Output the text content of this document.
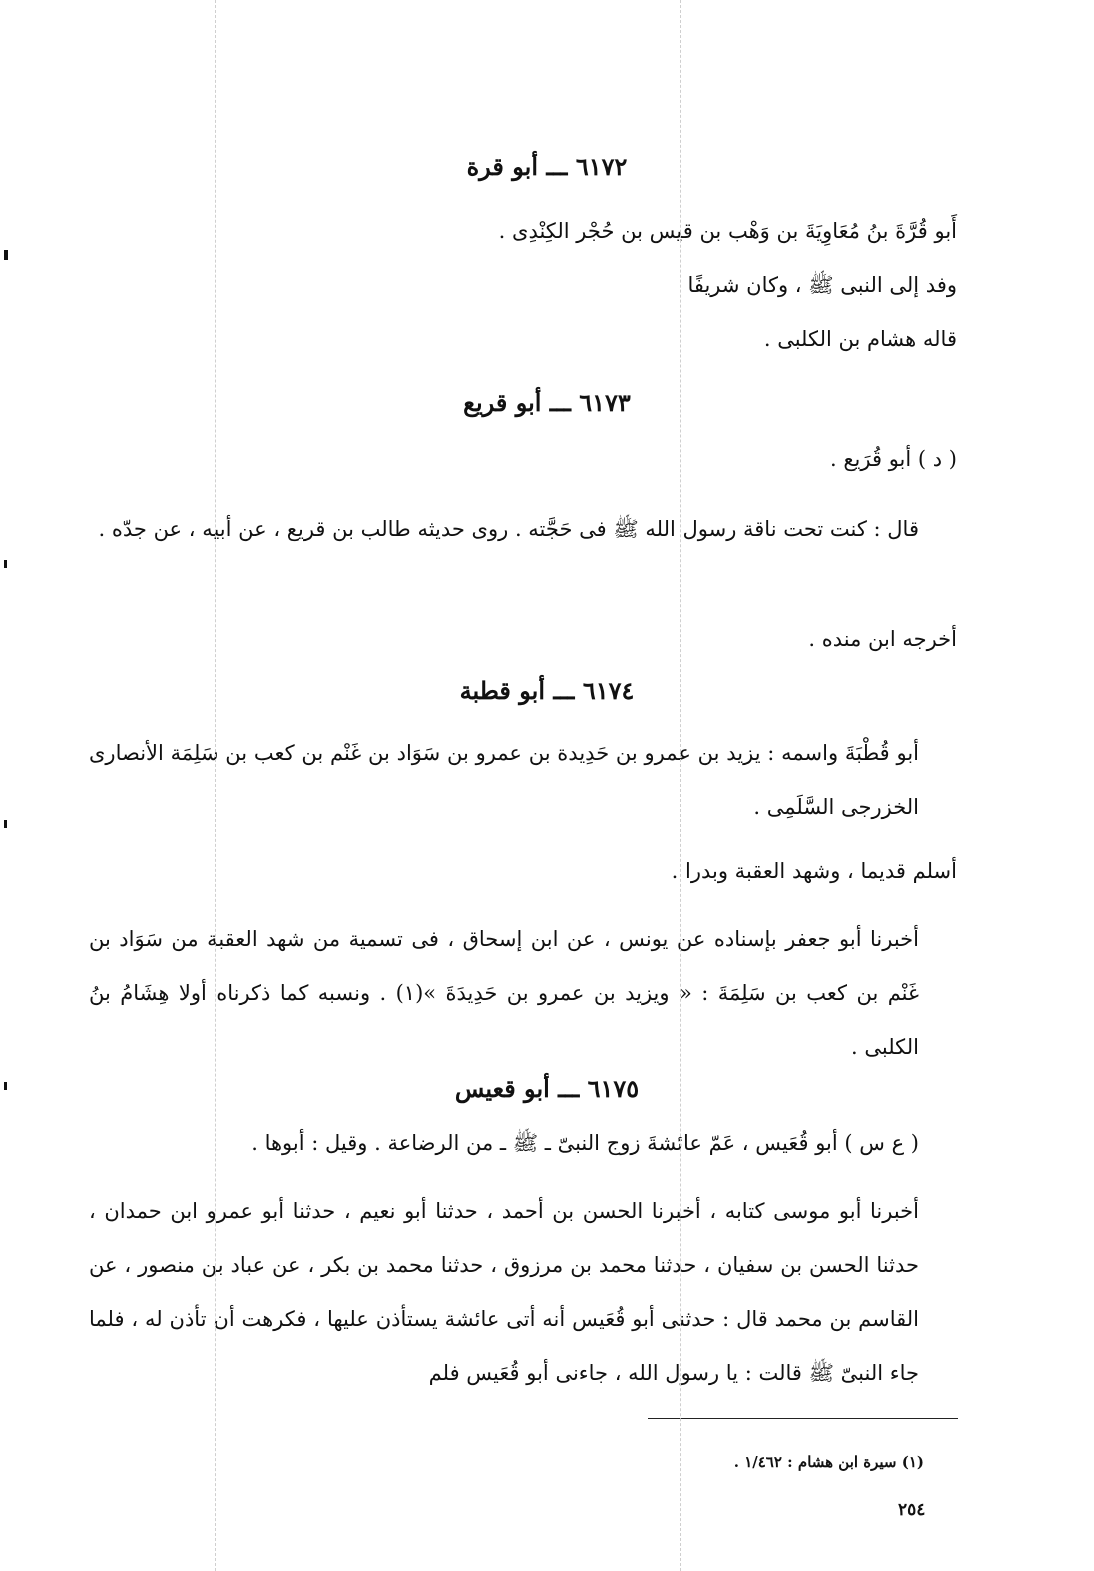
٦١٧٢ ـــ أبو قرة
أَبو قُرَّةَ بنُ مُعَاوِيَةَ بن وَهْب بن قيس بن حُجْر الكِنْدِى .
وفد إلى النبى ﷺ ، وكان شريفًا
قاله هشام بن الكلبى .
٦١٧٣ ـــ أبو قريع
( د ) أبو قُرَيع .
قال : كنت تحت ناقة رسول الله ﷺ فى حَجَّته . روى حديثه طالب بن قريع ، عن أبيه ، عن جدّه .
أخرجه ابن منده .
٦١٧٤ ـــ أبو قطبة
أبو قُطْبَةَ واسمه : يزيد بن عمرو بن حَدِيدة بن عمرو بن سَوَاد بن غَنْم بن كعب بن سَلِمَة الأنصارى الخزرجى السَّلَمِى .
أسلم قديما ، وشهد العقبة وبدرا .
أخبرنا أبو جعفر بإسناده عن يونس ، عن ابن إسحاق ، فى تسمية من شهد العقبة من سَوَاد بن غَنْم بن كعب بن سَلِمَةَ : « ويزيد بن عمرو بن حَدِيدَةَ »(١) . ونسبه كما ذكرناه أولا هِشَامُ بنُ الكلبى .
٦١٧٥ ـــ أبو قعيس
( ع س ) أبو قُعَيس ، عَمّ عائشةَ زوج النبىّ ـ ﷺ ـ من الرضاعة . وقيل : أبوها .
أخبرنا أبو موسى كتابه ، أخبرنا الحسن بن أحمد ، حدثنا أبو نعيم ، حدثنا أبو عمرو ابن حمدان ، حدثنا الحسن بن سفيان ، حدثنا محمد بن مرزوق ، حدثنا محمد بن بكر ، عن عباد بن منصور ، عن القاسم بن محمد قال : حدثنى أبو قُعَيس أنه أتى عائشة يستأذن عليها ، فكرهت أن تأذن له ، فلما جاء النبىّ ﷺ قالت : يا رسول الله ، جاءنى أبو قُعَيس فلم
(١) سيرة ابن هشام : ١/٤٦٢ .
٢٥٤
